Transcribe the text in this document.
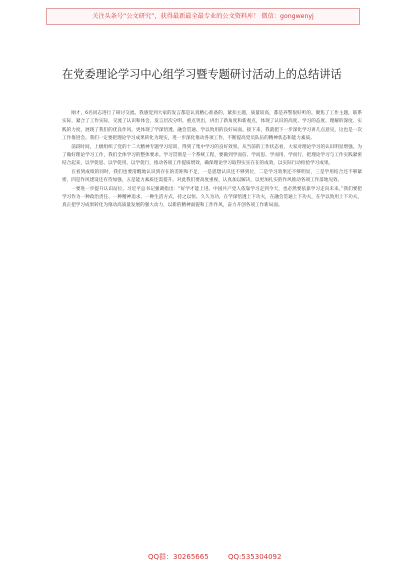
关注头条号“公文研究”，获得最新最全最专业的公文资料库！ 微信：gongwenyj
在党委理论学习中心组学习暨专题研讨活动上的总结讲话

刚才，6名同志进行了研讨交流。我感觉到大家的发言都是认真精心准备的，紧扣主题，质量较高，都是养警很好听的。聚焦了工作主题，联系实际，紧合了工作实际，交流了认识和体会，发言层次分明、重点突出，讲出了新角度和新观点，体现了认识的高度、学习的态度、理解的深度、实践的力度，展现了我们的优良作风，更体现了学深悟透、融会贯通、学以致用的良好局面。接下来，我就把下一步深化学习讲几点意见，这也是一次工作推进会。我们一定要把理论学习成果转化为现实，进一步深化推动各项工作，不断提高党员队伍的精神状态和能力素质。

前段时间，上级组织了党的十二大精神专题学习培训，得到了集中学习的良好效果。从当前的工作状态看，大家对理论学习的认识明显增强。为了做好理论学习工作，我们全体学习的整体要求。学习贯彻是一个系统工程，要做到学而信、学而思、学而用、学而行，把理论学习与工作实践紧密结合起来，以学促思、以学促用、以学促行，推动各项工作提质增效，确保理论学习取得实实在在的成效，以实际行动检验学习成果。

在看到成绩的同时，我们也要清醒地认识到存在的差距和不足，一是思想认识还不够到位，二是学习效果还不够明显，三是学用结合还不够紧密，四是作风建设还有待加强，五是能力素质还需提升。对此我们要高度重视，认真加以解决，以更加扎实的作风推动各项工作落地见效。

一要进一步提升认识站位。习近平总书记强调指出：“好学才能上进。中国共产党人依靠学习走到今天，也必然要依靠学习走向未来。”我们要把学习作为一种政治责任、一种精神追求、一种生活方式，持之以恒、久久为功，在学深悟透上下功夫，在融会贯通上下功夫，在学以致用上下功夫，真正把学习成果转化为推动高质量发展的强大动力，以新的精神面貌和工作作风，奋力开创各项工作新局面。

QQ群：30265665	QQ:535304092
